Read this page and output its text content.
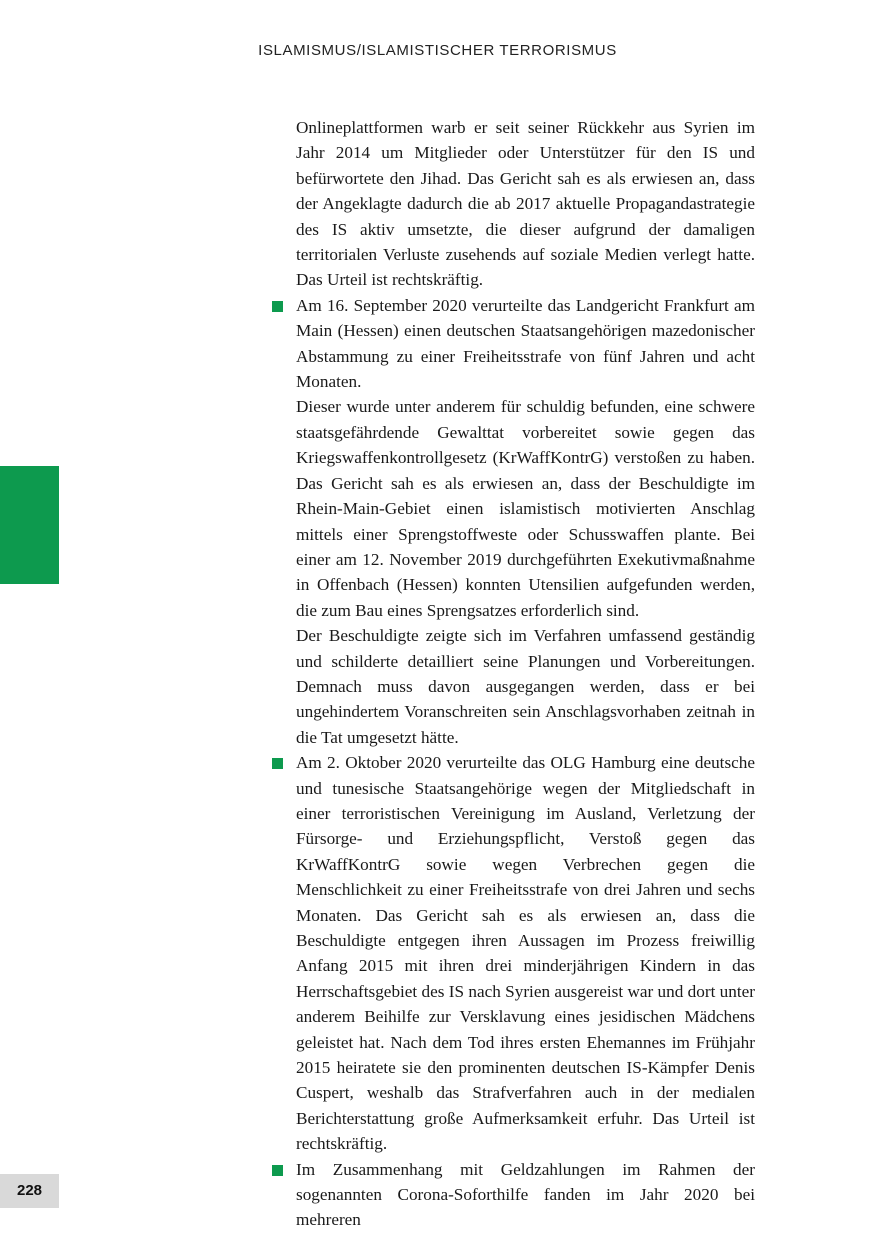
ISLAMISMUS/ISLAMISTISCHER TERRORISMUS

Onlineplattformen warb er seit seiner Rückkehr aus Syrien im Jahr 2014 um Mitglieder oder Unterstützer für den IS und befürwortete den Jihad. Das Gericht sah es als erwiesen an, dass der Angeklagte dadurch die ab 2017 aktuelle Propagandastrategie des IS aktiv umsetzte, die dieser aufgrund der damaligen territorialen Verluste zusehends auf soziale Medien verlegt hatte. Das Urteil ist rechtskräftig.

Am 16. September 2020 verurteilte das Landgericht Frankfurt am Main (Hessen) einen deutschen Staatsangehörigen mazedonischer Abstammung zu einer Freiheitsstrafe von fünf Jahren und acht Monaten.

Dieser wurde unter anderem für schuldig befunden, eine schwere staatsgefährdende Gewalttat vorbereitet sowie gegen das Kriegswaffenkontrollgesetz (KrWaffKontrG) verstoßen zu haben. Das Gericht sah es als erwiesen an, dass der Beschuldigte im Rhein-Main-Gebiet einen islamistisch motivierten Anschlag mittels einer Sprengstoffweste oder Schusswaffen plante. Bei einer am 12. November 2019 durchgeführten Exekutivmaßnahme in Offenbach (Hessen) konnten Utensilien aufgefunden werden, die zum Bau eines Sprengsatzes erforderlich sind.

Der Beschuldigte zeigte sich im Verfahren umfassend geständig und schilderte detailliert seine Planungen und Vorbereitungen. Demnach muss davon ausgegangen werden, dass er bei ungehindertem Voranschreiten sein Anschlagsvorhaben zeitnah in die Tat umgesetzt hätte.

Am 2. Oktober 2020 verurteilte das OLG Hamburg eine deutsche und tunesische Staatsangehörige wegen der Mitgliedschaft in einer terroristischen Vereinigung im Ausland, Verletzung der Fürsorge- und Erziehungspflicht, Verstoß gegen das KrWaffKontrG sowie wegen Verbrechen gegen die Menschlichkeit zu einer Freiheitsstrafe von drei Jahren und sechs Monaten. Das Gericht sah es als erwiesen an, dass die Beschuldigte entgegen ihren Aussagen im Prozess freiwillig Anfang 2015 mit ihren drei minderjährigen Kindern in das Herrschaftsgebiet des IS nach Syrien ausgereist war und dort unter anderem Beihilfe zur Versklavung eines jesidischen Mädchens geleistet hat. Nach dem Tod ihres ersten Ehemannes im Frühjahr 2015 heiratete sie den prominenten deutschen IS-Kämpfer Denis Cuspert, weshalb das Strafverfahren auch in der medialen Berichterstattung große Aufmerksamkeit erfuhr. Das Urteil ist rechtskräftig.

Im Zusammenhang mit Geldzahlungen im Rahmen der sogenannten Corona-Soforthilfe fanden im Jahr 2020 bei mehreren

228
